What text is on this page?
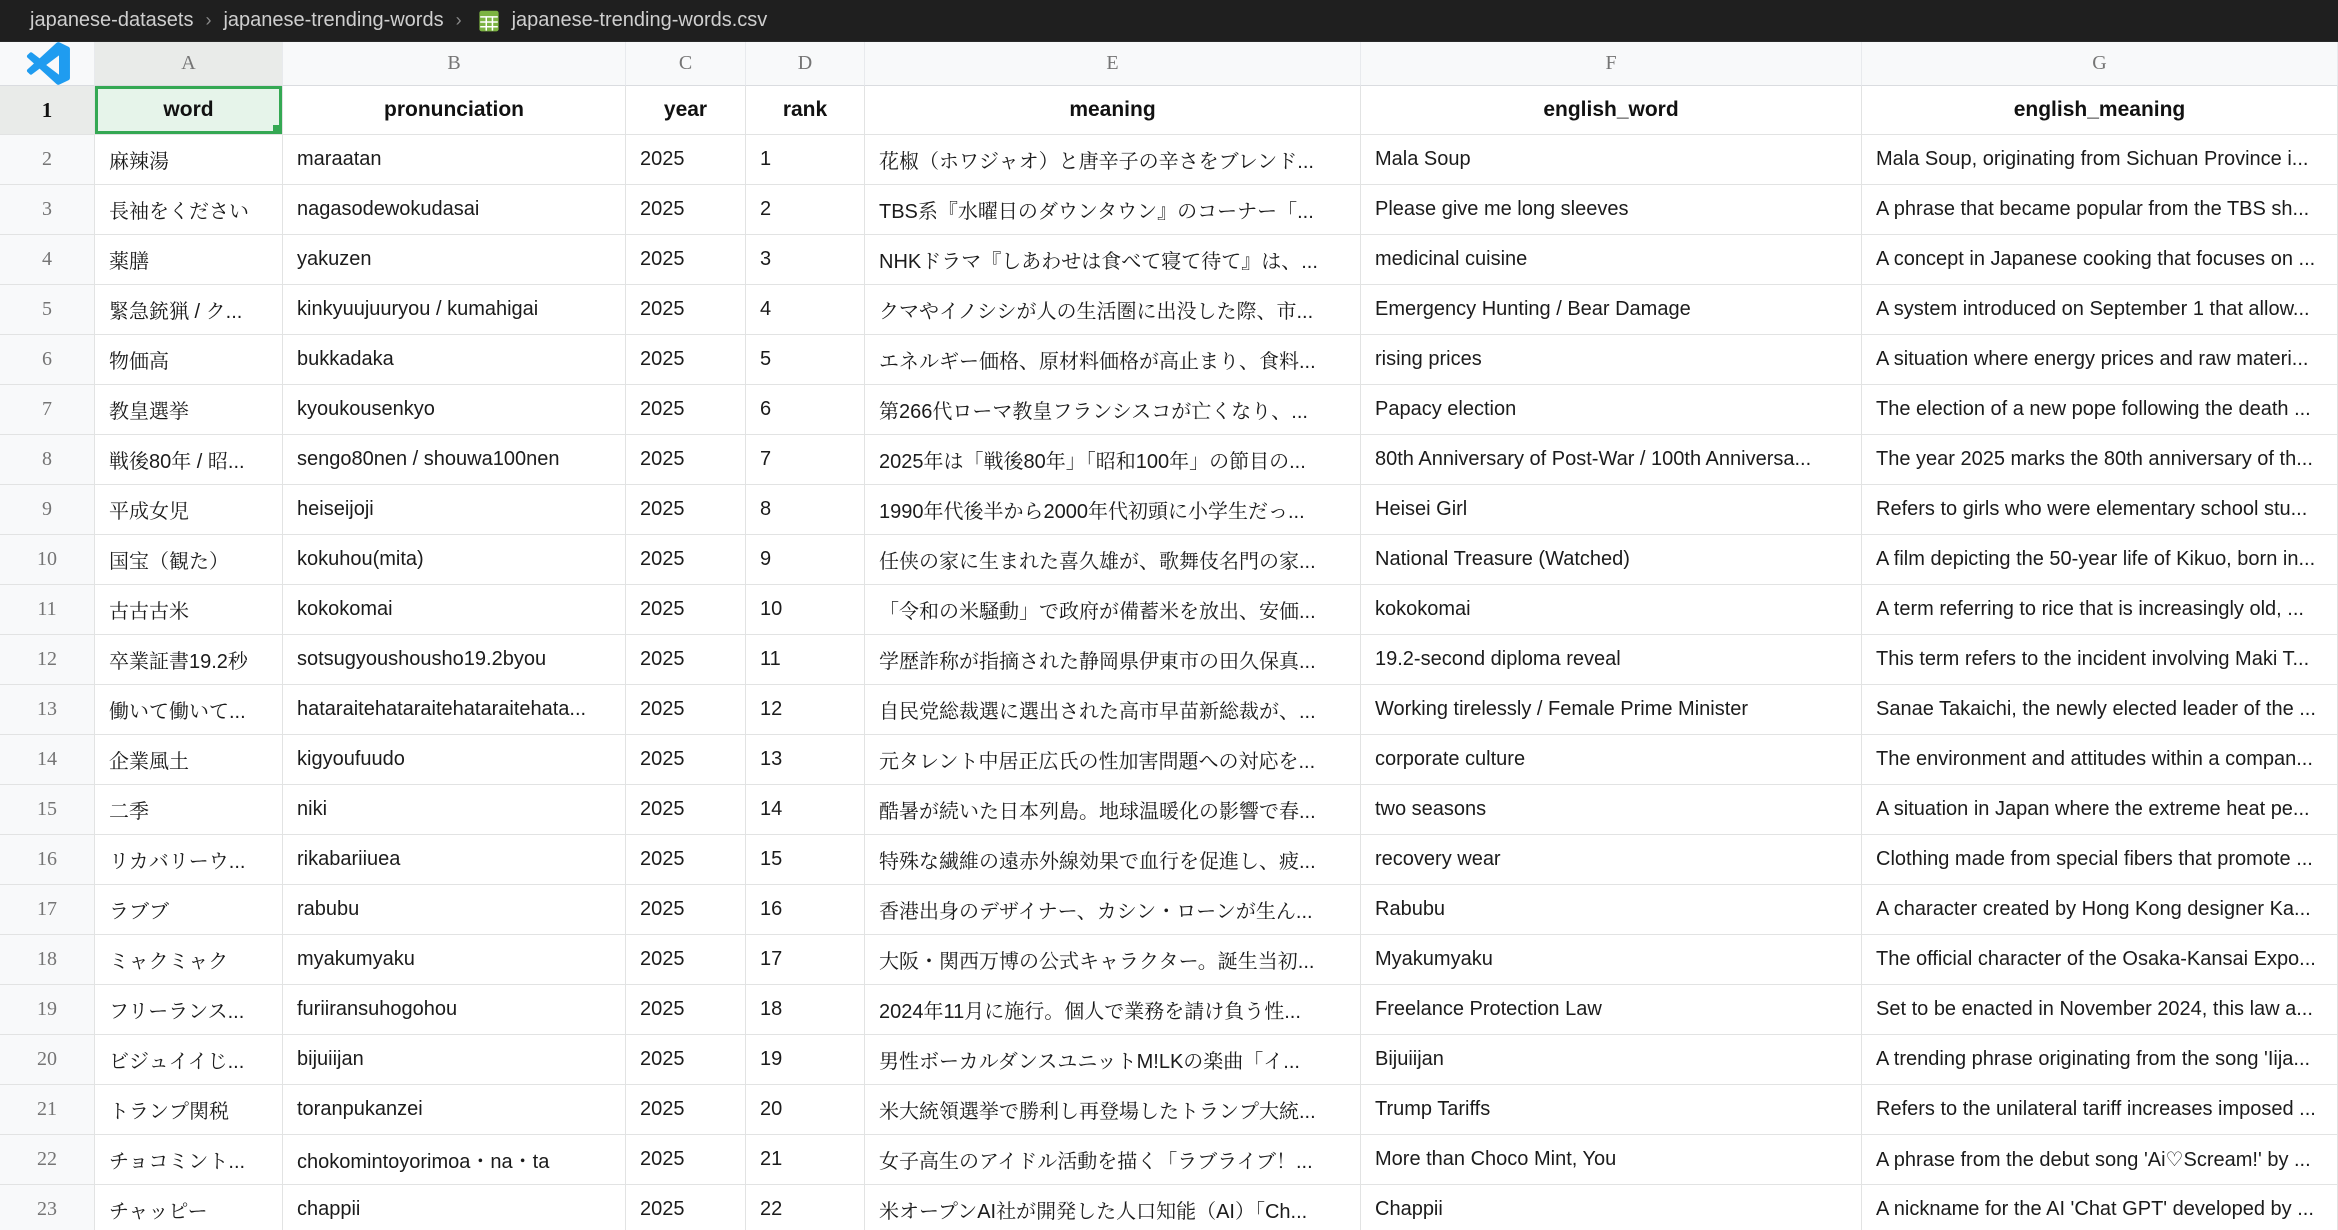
japanese-datasets › japanese-trending-words ›	japanese-trending-words.csv
A	B	C	D	E	F	G
1	word	pronunciation	year	rank	meaning	english_word	english_meaning
2	麻辣湯	maraatan	2025	1	花椒（ホワジャオ）と唐辛子の辛さをブレンド...	Mala Soup	Mala Soup, originating from Sichuan Province i...
3	長袖をください	nagasodewokudasai	2025	2	TBS系『水曜日のダウンタウン』のコーナー「...	Please give me long sleeves	A phrase that became popular from the TBS sh...
4	薬膳	yakuzen	2025	3	NHKドラマ『しあわせは食べて寝て待て』は、...	medicinal cuisine	A concept in Japanese cooking that focuses on ...
5	緊急銃猟 / ク...	kinkyuujuuryou / kumahigai	2025	4	クマやイノシシが人の生活圏に出没した際、市...	Emergency Hunting / Bear Damage	A system introduced on September 1 that allow...
6	物価高	bukkadaka	2025	5	エネルギー価格、原材料価格が高止まり、食料...	rising prices	A situation where energy prices and raw materi...
7	教皇選挙	kyoukousenkyo	2025	6	第266代ローマ教皇フランシスコが亡くなり、...	Papacy election	The election of a new pope following the death ...
8	戦後80年 / 昭...	sengo80nen / shouwa100nen	2025	7	2025年は「戦後80年」「昭和100年」の節目の...	80th Anniversary of Post-War / 100th Anniversa...	The year 2025 marks the 80th anniversary of th...
9	平成女児	heiseijoji	2025	8	1990年代後半から2000年代初頭に小学生だっ...	Heisei Girl	Refers to girls who were elementary school stu...
10	国宝（観た）	kokuhou(mita)	2025	9	任侠の家に生まれた喜久雄が、歌舞伎名門の家...	National Treasure (Watched)	A film depicting the 50-year life of Kikuo, born in...
11	古古古米	kokokomai	2025	10	「令和の米騒動」で政府が備蓄米を放出、安価...	kokokomai	A term referring to rice that is increasingly old, ...
12	卒業証書19.2秒	sotsugyoushousho19.2byou	2025	11	学歴詐称が指摘された静岡県伊東市の田久保真...	19.2-second diploma reveal	This term refers to the incident involving Maki T...
13	働いて働いて...	hataraitehataraitehataraitehata...	2025	12	自民党総裁選に選出された高市早苗新総裁が、...	Working tirelessly / Female Prime Minister	Sanae Takaichi, the newly elected leader of the ...
14	企業風土	kigyoufuudo	2025	13	元タレント中居正広氏の性加害問題への対応を...	corporate culture	The environment and attitudes within a compan...
15	二季	niki	2025	14	酷暑が続いた日本列島。地球温暖化の影響で春...	two seasons	A situation in Japan where the extreme heat pe...
16	リカバリーウ...	rikabariiuea	2025	15	特殊な繊維の遠赤外線効果で血行を促進し、疲...	recovery wear	Clothing made from special fibers that promote ...
17	ラブブ	rabubu	2025	16	香港出身のデザイナー、カシン・ローンが生ん...	Rabubu	A character created by Hong Kong designer Ka...
18	ミャクミャク	myakumyaku	2025	17	大阪・関西万博の公式キャラクター。誕生当初...	Myakumyaku	The official character of the Osaka-Kansai Expo...
19	フリーランス...	furiiransuhogohou	2025	18	2024年11月に施行。個人で業務を請け負う性...	Freelance Protection Law	Set to be enacted in November 2024, this law a...
20	ビジュイイじ...	bijuiijan	2025	19	男性ボーカルダンスユニットM!LKの楽曲「イ...	Bijuiijan	A trending phrase originating from the song 'Iija...
21	トランプ関税	toranpukanzei	2025	20	米大統領選挙で勝利し再登場したトランプ大統...	Trump Tariffs	Refers to the unilateral tariff increases imposed ...
22	チョコミント...	chokomintoyorimoa・na・ta	2025	21	女子高生のアイドル活動を描く「ラブライブ！...	More than Choco Mint, You	A phrase from the debut song 'Ai♡Scream!' by ...
23	チャッピー	chappii	2025	22	米オープンAI社が開発した人口知能（AI）「Ch...	Chappii	A nickname for the AI 'Chat GPT' developed by ...
